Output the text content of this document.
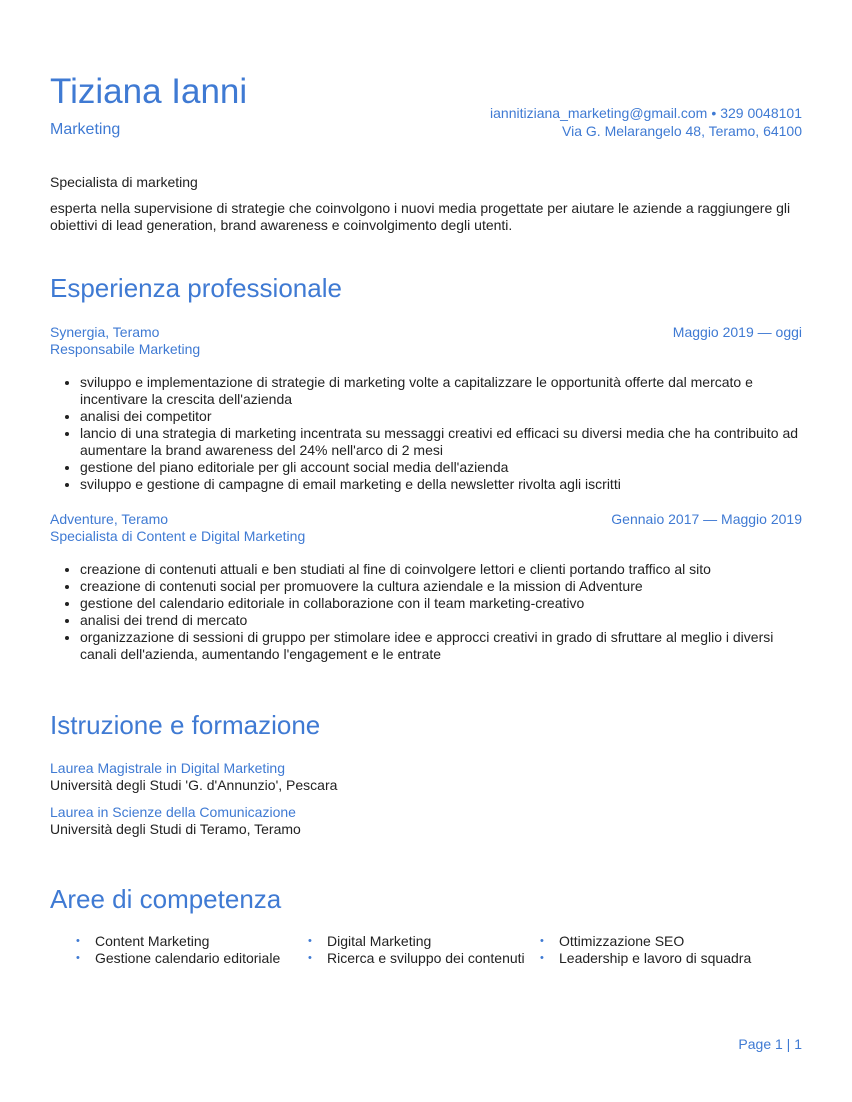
Tiziana Ianni
Marketing
iannitiziana_marketing@gmail.com • 329 0048101
Via G. Melarangelo 48, Teramo, 64100
Specialista di marketing
esperta nella supervisione di strategie che coinvolgono i nuovi media progettate per aiutare le aziende a raggiungere gli obiettivi di lead generation, brand awareness e coinvolgimento degli utenti.
Esperienza professionale
Synergia, Teramo	Maggio 2019 — oggi
Responsabile Marketing
• sviluppo e implementazione di strategie di marketing volte a capitalizzare le opportunità offerte dal mercato e incentivare la crescita dell'azienda
• analisi dei competitor
• lancio di una strategia di marketing incentrata su messaggi creativi ed efficaci su diversi media che ha contribuito ad aumentare la brand awareness del 24% nell'arco di 2 mesi
• gestione del piano editoriale per gli account social media dell'azienda
• sviluppo e gestione di campagne di email marketing e della newsletter rivolta agli iscritti
Adventure, Teramo	Gennaio 2017 — Maggio 2019
Specialista di Content e Digital Marketing
• creazione di contenuti attuali e ben studiati al fine di coinvolgere lettori e clienti portando traffico al sito
• creazione di contenuti social per promuovere la cultura aziendale e la mission di Adventure
• gestione del calendario editoriale in collaborazione con il team marketing-creativo
• analisi dei trend di mercato
• organizzazione di sessioni di gruppo per stimolare idee e approcci creativi in grado di sfruttare al meglio i diversi canali dell'azienda, aumentando l'engagement e le entrate
Istruzione e formazione
Laurea Magistrale in Digital Marketing
Università degli Studi 'G. d'Annunzio', Pescara
Laurea in Scienze della Comunicazione
Università degli Studi di Teramo, Teramo
Aree di competenza
• Content Marketing
• Gestione calendario editoriale
• Digital Marketing
• Ricerca e sviluppo dei contenuti
• Ottimizzazione SEO
• Leadership e lavoro di squadra
Page 1 | 1
